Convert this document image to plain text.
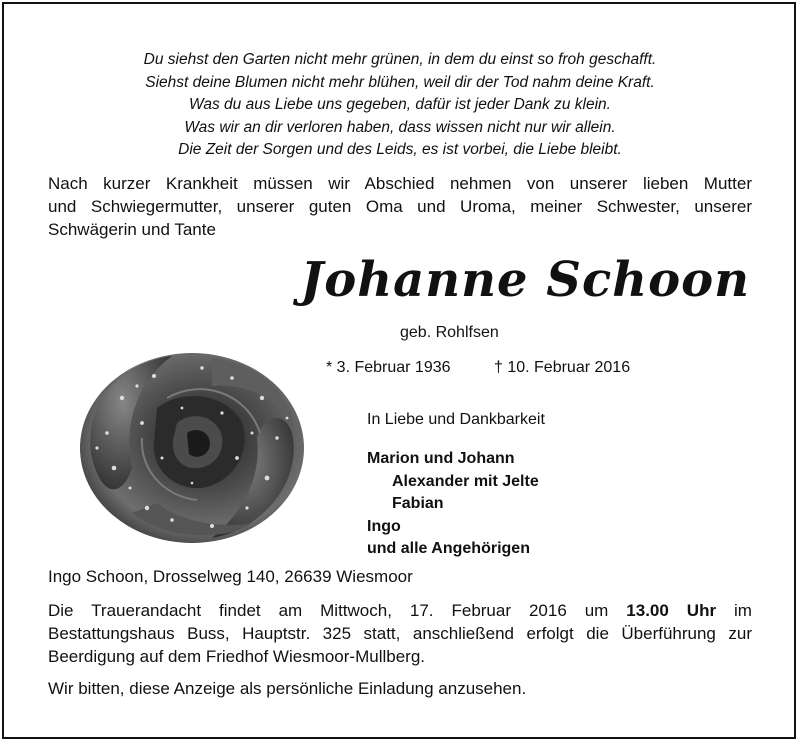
Du siehst den Garten nicht mehr grünen, in dem du einst so froh geschafft.
Siehst deine Blumen nicht mehr blühen, weil dir der Tod nahm deine Kraft.
Was du aus Liebe uns gegeben, dafür ist jeder Dank zu klein.
Was wir an dir verloren haben, dass wissen nicht nur wir allein.
Die Zeit der Sorgen und des Leids, es ist vorbei, die Liebe bleibt.
Nach kurzer Krankheit müssen wir Abschied nehmen von unserer lieben Mutter
und Schwiegermutter, unserer guten Oma und Uroma, meiner Schwester, unserer
Schwägerin und Tante
Johanne Schoon
geb. Rohlfsen
* 3. Februar 1936	† 10. Februar 2016
In Liebe und Dankbarkeit
Marion und Johann
Alexander mit Jelte
Fabian
Ingo
und alle Angehörigen
Ingo Schoon, Drosselweg 140, 26639 Wiesmoor
Die Trauerandacht findet am Mittwoch, 17. Februar 2016 um 13.00 Uhr im
Bestattungshaus Buss, Hauptstr. 325 statt, anschließend erfolgt die Überführung zur
Beerdigung auf dem Friedhof Wiesmoor-Mullberg.
Wir bitten, diese Anzeige als persönliche Einladung anzusehen.
